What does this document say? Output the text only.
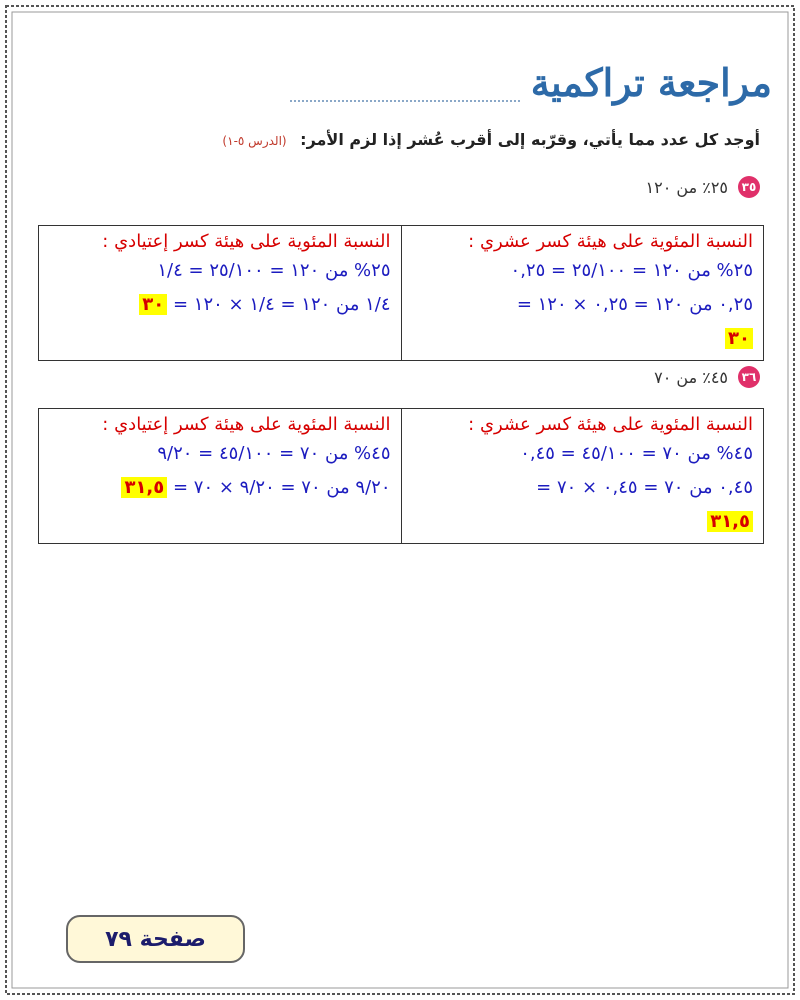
مراجعة تراكمية
أوجد كل عدد مما يأتي، وقرّبه إلى أقرب عُشر إذا لزم الأمر: (الدرس ٥-١)
٣٥
٢٥٪ من ١٢٠
النسبة المئوية على هيئة كسر عشري :
٢٥% من ١٢٠ = ٢٥/١٠٠ = ٠,٢٥
٠,٢٥ من ١٢٠ = ٠,٢٥ × ١٢٠ =
٣٠

النسبة المئوية على هيئة كسر إعتيادي :
٢٥% من ١٢٠ = ٢٥/١٠٠ = ١/٤
١/٤ من ١٢٠ = ١/٤ × ١٢٠ = ٣٠
٣٦
٤٥٪ من ٧٠
النسبة المئوية على هيئة كسر عشري :
٤٥% من ٧٠ = ٤٥/١٠٠ = ٠,٤٥
٠,٤٥ من ٧٠ = ٠,٤٥ × ٧٠ =
٣١,٥

النسبة المئوية على هيئة كسر إعتيادي :
٤٥% من ٧٠ = ٤٥/١٠٠ = ٩/٢٠
٩/٢٠ من ٧٠ = ٩/٢٠ × ٧٠ = ٣١,٥
صفحة ٧٩
